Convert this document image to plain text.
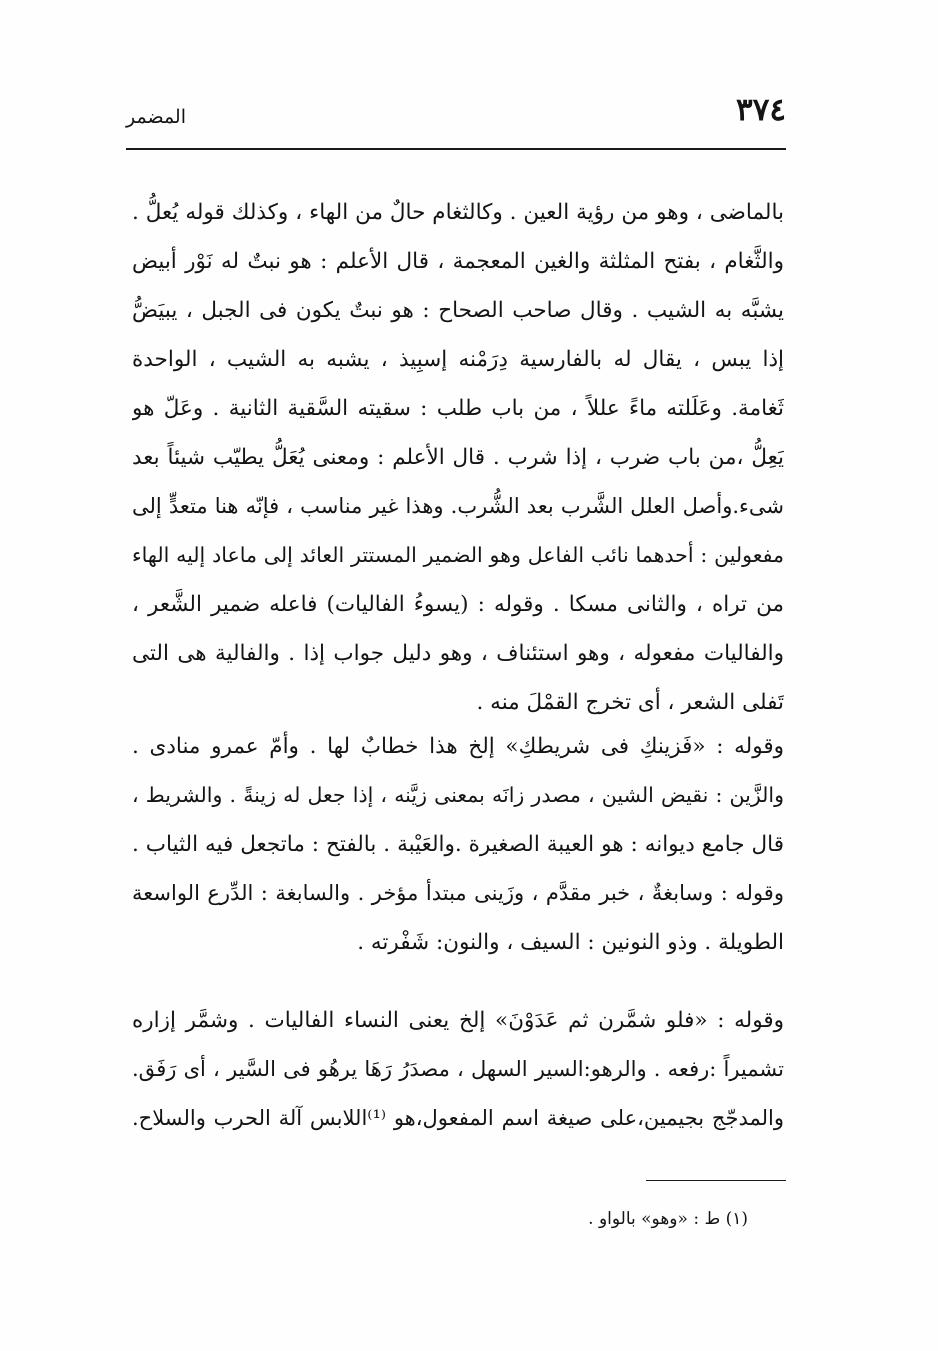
٣٧٤
المضمر
بالماضى ، وهو من رؤية العين . وكالثغام حالٌ من الهاء ، وكذلك قوله يُعلُّ .
والثَّغام ، بفتح المثلثة والغين المعجمة ، قال الأعلم : هو نبتٌ له نَوْر أبيض
يشبَّه به الشيب . وقال صاحب الصحاح : هو نبتٌ يكون فى الجبل ، يبيَضُّ
إذا يبس ، يقال له بالفارسية دِرَمْنه إسبِيذ ، يشبه به الشيب ، الواحدة
ثَغامة. وعَلَلته ماءً عللاً ، من باب طلب : سقيته السَّقية الثانية . وعَلّ هو
يَعِلُّ ،من باب ضرب ، إذا شرب . قال الأعلم : ومعنى يُعَلُّ يطيّب شيئاً بعد
شىء.وأصل العلل الشَّرب بعد الشُّرب. وهذا غير مناسب ، فإنّه هنا متعدٍّ إلى
مفعولين : أحدهما نائب الفاعل وهو الضمير المستتر العائد إلى ماعاد إليه الهاء
من تراه ، والثانى مسكا . وقوله : (يسوءُ الفاليات) فاعله ضمير الشَّعر ،
والفاليات مفعوله ، وهو استئناف ، وهو دليل جواب إذا . والفالية هى التى
تَفلى الشعر ، أى تخرج القمْلَ منه .
وقوله : «فَزينكِ فى شريطكِ» إلخ هذا خطابٌ لها . وأمّ عمرو منادى .
والزَّين : نقيض الشين ، مصدر زانَه بمعنى زيَّنه ، إذا جعل له زينةً . والشريط ،
قال جامع ديوانه : هو العيبة الصغيرة .والعَيْبة . بالفتح : ماتجعل فيه الثياب .
وقوله : وسابغةٌ ، خبر مقدَّم ، وزَينى مبتدأ مؤخر . والسابغة : الدِّرع الواسعة
الطويلة . وذو النونين : السيف ، والنون: شَفْرته .
وقوله : «فلو شمَّرن ثم عَدَوْنَ» إلخ يعنى النساء الفاليات . وشمَّر إزاره
تشميراً :رفعه . والرهو:السير السهل ، مصدَرُ رَهَا يرهُو فى السَّير ، أى رَفَق.
والمدجّج بجيمين،على صيغة اسم المفعول،هو ⁽¹⁾اللابس آلة الحرب والسلاح.
(١) ط : «وهو» بالواو .
